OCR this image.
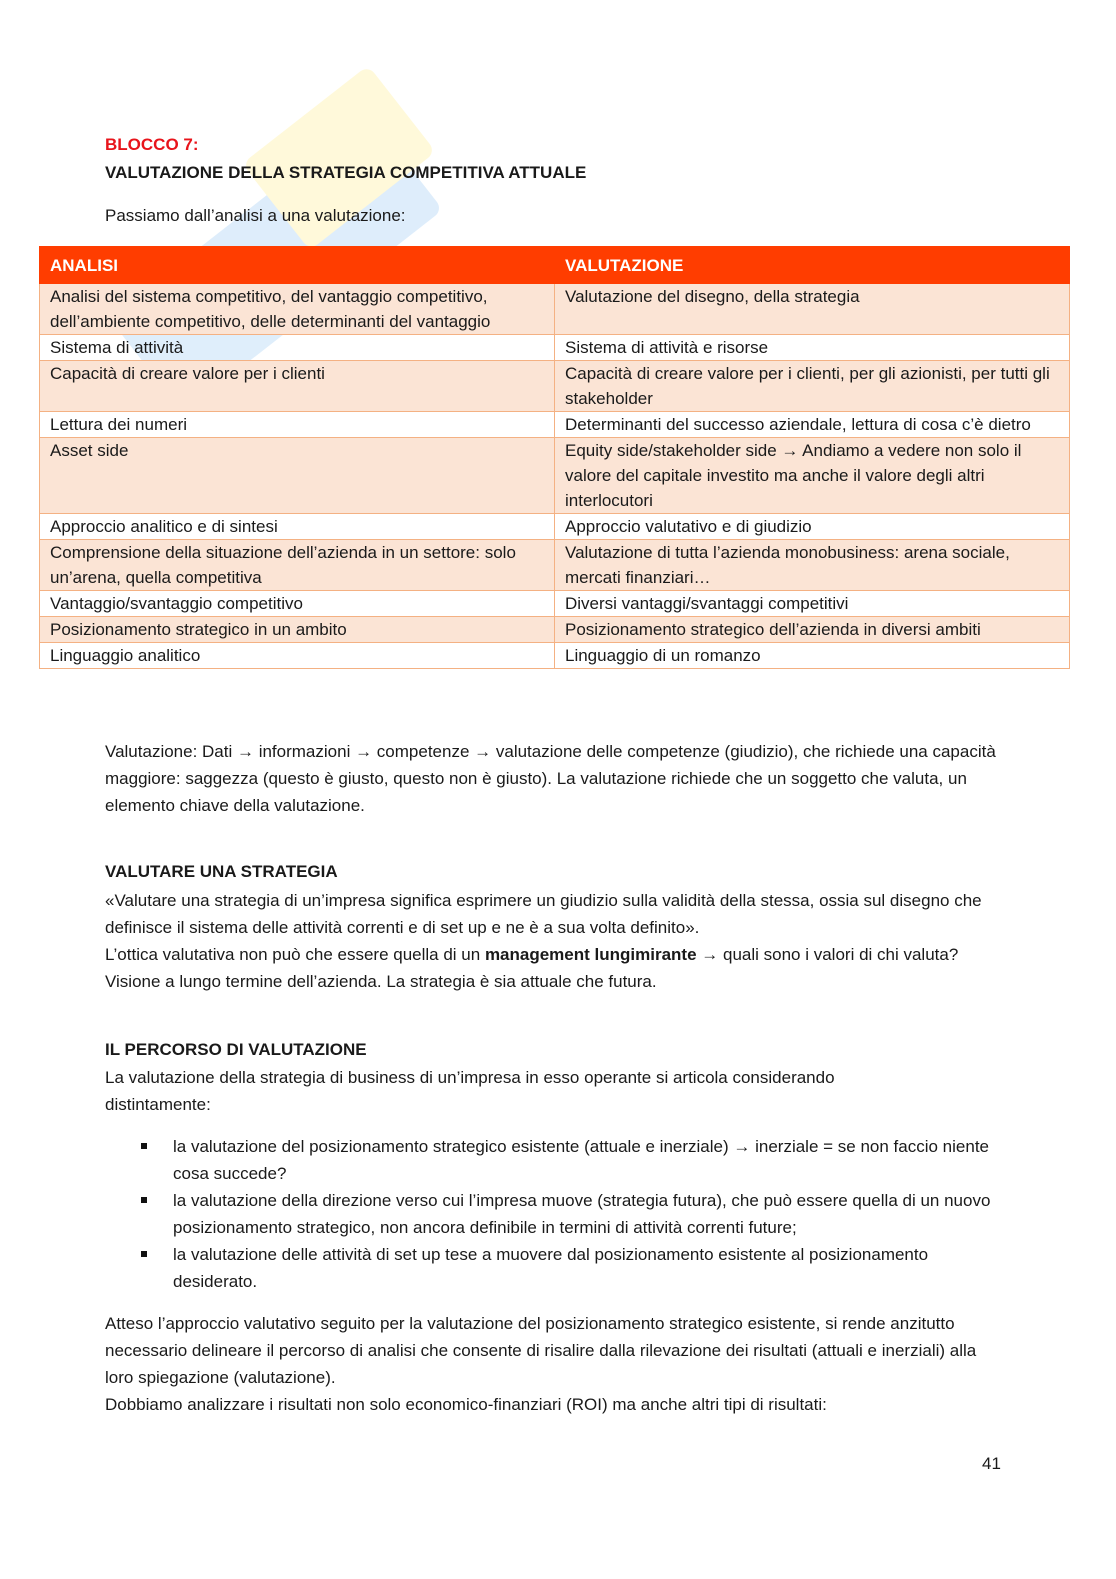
BLOCCO 7:
VALUTAZIONE DELLA STRATEGIA COMPETITIVA ATTUALE
Passiamo dall’analisi a una valutazione:
ANALISI	VALUTAZIONE
Analisi del sistema competitivo, del vantaggio competitivo, dell’ambiente competitivo, delle determinanti del vantaggio	Valutazione del disegno, della strategia
Sistema di attività	Sistema di attività e risorse
Capacità di creare valore per i clienti	Capacità di creare valore per i clienti, per gli azionisti, per tutti gli stakeholder
Lettura dei numeri	Determinanti del successo aziendale, lettura di cosa c’è dietro
Asset side	Equity side/stakeholder side → Andiamo a vedere non solo il valore del capitale investito ma anche il valore degli altri interlocutori
Approccio analitico e di sintesi	Approccio valutativo e di giudizio
Comprensione della situazione dell’azienda in un settore: solo un’arena, quella competitiva	Valutazione di tutta l’azienda monobusiness: arena sociale, mercati finanziari…
Vantaggio/svantaggio competitivo	Diversi vantaggi/svantaggi competitivi
Posizionamento strategico in un ambito	Posizionamento strategico dell’azienda in diversi ambiti
Linguaggio analitico	Linguaggio di un romanzo
Valutazione: Dati → informazioni → competenze → valutazione delle competenze (giudizio), che richiede una capacità maggiore: saggezza (questo è giusto, questo non è giusto). La valutazione richiede che un soggetto che valuta, un elemento chiave della valutazione.
VALUTARE UNA STRATEGIA
«Valutare una strategia di un’impresa significa esprimere un giudizio sulla validità della stessa, ossia sul disegno che definisce il sistema delle attività correnti e di set up e ne è a sua volta definito».
L’ottica valutativa non può che essere quella di un management lungimirante → quali sono i valori di chi valuta? Visione a lungo termine dell’azienda. La strategia è sia attuale che futura.
IL PERCORSO DI VALUTAZIONE
La valutazione della strategia di business di un’impresa in esso operante si articola considerando distintamente:
la valutazione del posizionamento strategico esistente (attuale e inerziale) → inerziale = se non faccio niente cosa succede?
la valutazione della direzione verso cui l’impresa muove (strategia futura), che può essere quella di un nuovo posizionamento strategico, non ancora definibile in termini di attività correnti future;
la valutazione delle attività di set up tese a muovere dal posizionamento esistente al posizionamento desiderato.
Atteso l’approccio valutativo seguito per la valutazione del posizionamento strategico esistente, si rende anzitutto necessario delineare il percorso di analisi che consente di risalire dalla rilevazione dei risultati (attuali e inerziali) alla loro spiegazione (valutazione).
Dobbiamo analizzare i risultati non solo economico-finanziari (ROI) ma anche altri tipi di risultati:
41
